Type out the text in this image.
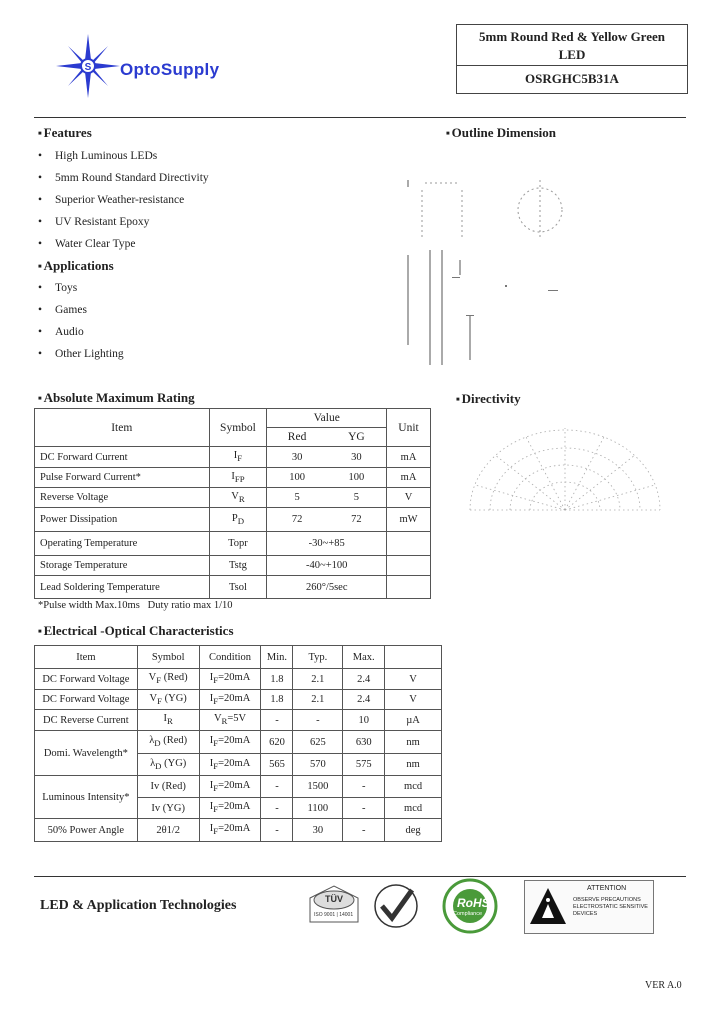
S OptoSupply
5mm Round Red & Yellow Green
LED
OSRGHC5B31A
■ Features
• High Luminous LEDs
• 5mm Round Standard Directivity
• Superior Weather-resistance
• UV Resistant Epoxy
• Water Clear Type
■ Applications
• Toys
• Games
• Audio
• Other Lighting
■ Outline Dimension
■ Absolute Maximum Rating
Item	Symbol	Value		Unit
		Red	YG	
DC Forward Current	$I_F$	30	30	mA
Pulse Forward Current*	$I_{FP}$	100	100	mA
Reverse Voltage	$V_R$	5	5	V
Power Dissipation	$P_D$	72	72	mW
Operating Temperature	Topr	-30~+85		
Storage Temperature	Tstg	-40~+100		
Lead Soldering Temperature	Tsol	260°/5sec		
*Pulse width Max.10ms   Duty ratio max 1/10
■ Directivity
■ Electrical -Optical Characteristics
Item	Symbol	Condition	Min.	Typ.	Max.	
DC Forward Voltage	$V_F$ (Red)	$I_F=20mA$	1.8	2.1	2.4	V
DC Forward Voltage	$V_F$ (YG)	$I_F=20mA$	1.8	2.1	2.4	V
DC Reverse Current	$I_R$	$V_R=5V$	-	-	10	µA
Domi. Wavelength*	$\lambda_D$ (Red)	$I_F=20mA$	620	625	630	nm
	$\lambda_D$ (YG)	$I_F=20mA$	565	570	575	nm
Luminous Intensity*	Iv (Red)	$I_F=20mA$	-	1500	-	mcd
	Iv (YG)	$I_F=20mA$	-	1100	-	mcd
50% Power Angle	2θ1/2	$I_F=20mA$	-	30	-	deg
LED & Application Technologies	TÜV
ISO 9001 | 14001
RoHS
Compliance
ATTENTION
OBSERVE PRECAUTIONS ELECTROSTATIC SENSITIVE DEVICES
VER A.0
